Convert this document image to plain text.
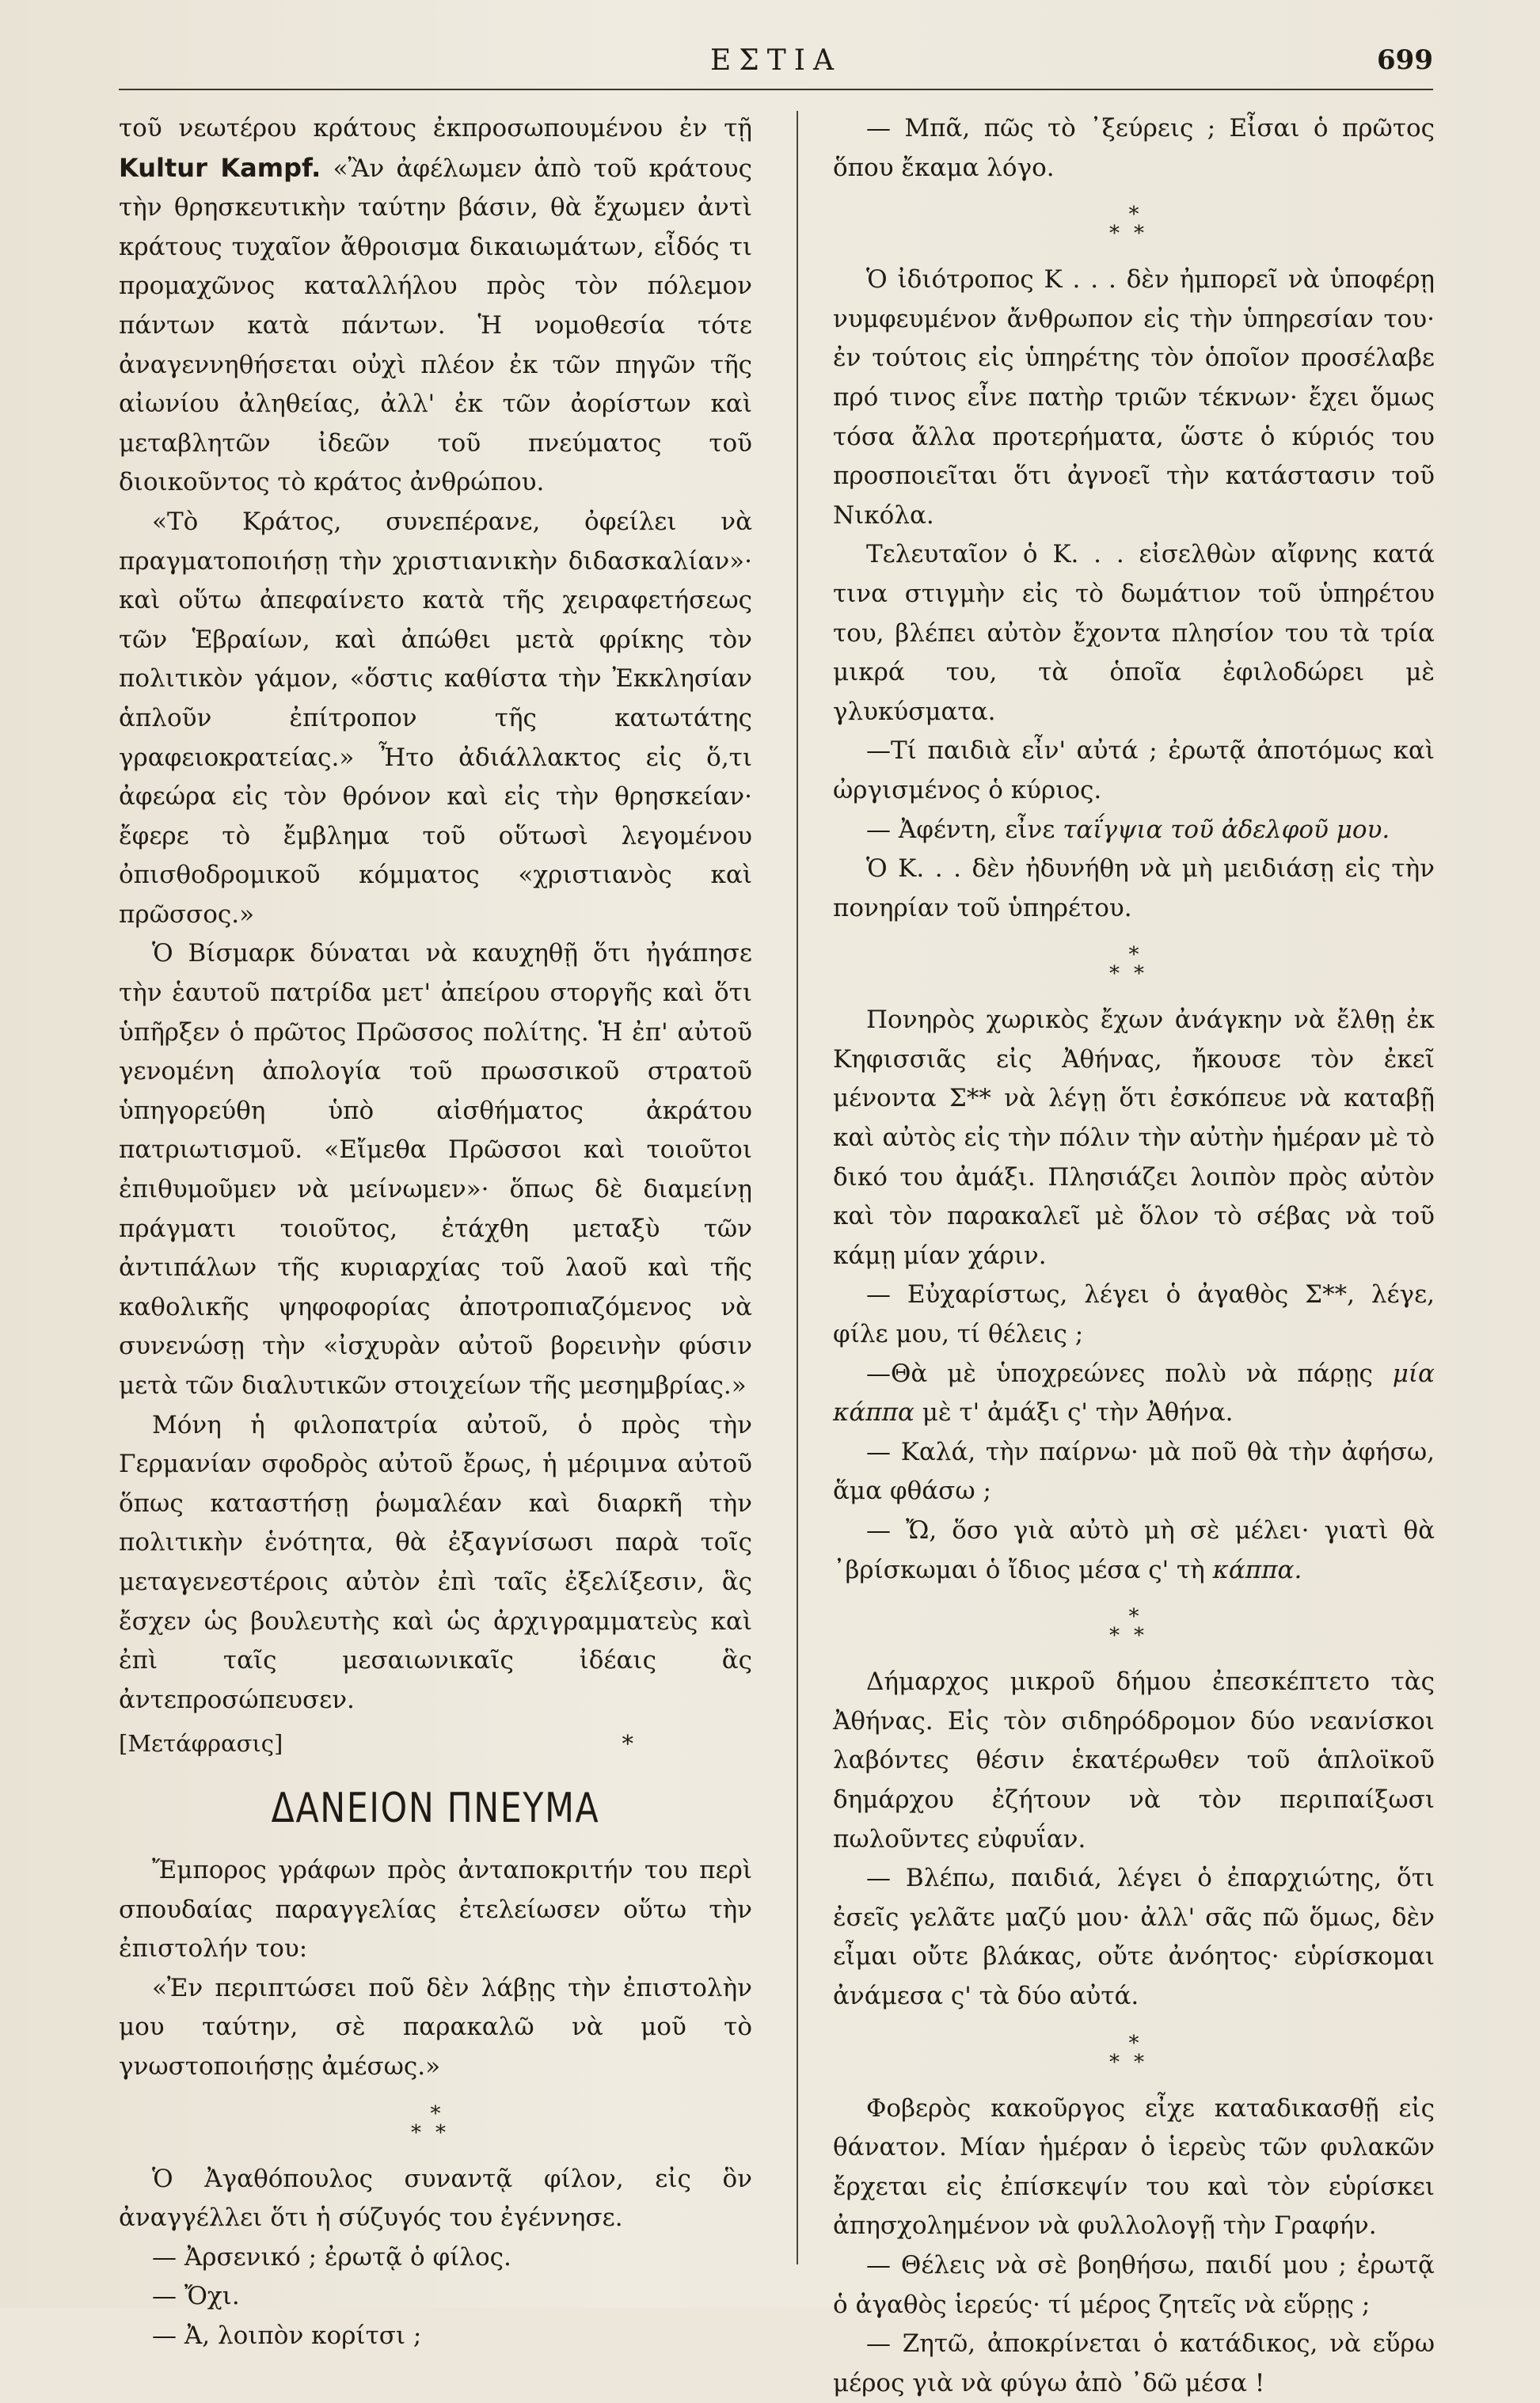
ΕΣΤΙΑ	699

τοῦ νεωτέρου κράτους ἐκπροσωπουμένου ἐν τῇ Kultur Kampf. «Ἂν ἀφέλωμεν ἀπὸ τοῦ κράτους τὴν θρησκευτικὴν ταύτην βάσιν, θὰ ἔχωμεν ἀντὶ κράτους τυχαῖον ἄθροισμα δικαιωμάτων, εἶδός τι προμαχῶνος καταλλήλου πρὸς τὸν πόλεμον πάντων κατὰ πάντων. Ἡ νομοθεσία τότε ἀναγεννηθήσεται οὐχὶ πλέον ἐκ τῶν πηγῶν τῆς αἰωνίου ἀληθείας, ἀλλ' ἐκ τῶν ἀορίστων καὶ μεταβλητῶν ἰδεῶν τοῦ πνεύματος τοῦ διοικοῦντος τὸ κράτος ἀνθρώπου.

«Τὸ Κράτος, συνεπέρανε, ὀφείλει νὰ πραγματοποιήσῃ τὴν χριστιανικὴν διδασκαλίαν»· καὶ οὕτω ἀπεφαίνετο κατὰ τῆς χειραφετήσεως τῶν Ἑβραίων, καὶ ἀπώθει μετὰ φρίκης τὸν πολιτικὸν γάμον, «ὅστις καθίστα τὴν Ἐκκλησίαν ἁπλοῦν ἐπίτροπον τῆς κατωτάτης γραφειοκρατείας.» Ἦτο ἀδιάλλακτος εἰς ὅ,τι ἀφεώρα εἰς τὸν θρόνον καὶ εἰς τὴν θρησκείαν· ἔφερε τὸ ἔμβλημα τοῦ οὕτωσὶ λεγομένου ὀπισθοδρομικοῦ κόμματος «χριστιανὸς καὶ πρῶσσος.»

Ὁ Βίσμαρκ δύναται νὰ καυχηθῇ ὅτι ἠγάπησε τὴν ἑαυτοῦ πατρίδα μετ' ἀπείρου στοργῆς καὶ ὅτι ὑπῆρξεν ὁ πρῶτος Πρῶσσος πολίτης. Ἡ ἐπ' αὐτοῦ γενομένη ἀπολογία τοῦ πρωσσικοῦ στρατοῦ ὑπηγορεύθη ὑπὸ αἰσθήματος ἀκράτου πατριωτισμοῦ. «Εἴμεθα Πρῶσσοι καὶ τοιοῦτοι ἐπιθυμοῦμεν νὰ μείνωμεν»· ὅπως δὲ διαμείνῃ πράγματι τοιοῦτος, ἐτάχθη μεταξὺ τῶν ἀντιπάλων τῆς κυριαρχίας τοῦ λαοῦ καὶ τῆς καθολικῆς ψηφοφορίας ἀποτροπιαζόμενος νὰ συνενώσῃ τὴν «ἰσχυρὰν αὐτοῦ βορεινὴν φύσιν μετὰ τῶν διαλυτικῶν στοιχείων τῆς μεσημβρίας.»

Μόνη ἡ φιλοπατρία αὐτοῦ, ὁ πρὸς τὴν Γερμανίαν σφοδρὸς αὐτοῦ ἔρως, ἡ μέριμνα αὐτοῦ ὅπως καταστήσῃ ῥωμαλέαν καὶ διαρκῆ τὴν πολιτικὴν ἑνότητα, θὰ ἐξαγνίσωσι παρὰ τοῖς μεταγενεστέροις αὐτὸν ἐπὶ ταῖς ἐξελίξεσιν, ἃς ἔσχεν ὡς βουλευτὴς καὶ ὡς ἀρχιγραμματεὺς καὶ ἐπὶ ταῖς μεσαιωνικαῖς ἰδέαις ἃς ἀντεπροσώπευσεν.

[Μετάφρασις]	*
ΔΑΝΕΙΟΝ ΠΝΕΥΜΑ

Ἔμπορος γράφων πρὸς ἀνταποκριτήν του περὶ σπουδαίας παραγγελίας ἐτελείωσεν οὕτω τὴν ἐπιστολήν του:

«Ἐν περιπτώσει ποῦ δὲν λάβῃς τὴν ἐπιστολὴν μου ταύτην, σὲ παρακαλῶ νὰ μοῦ τὸ γνωστοποιήσῃς ἀμέσως.»

*
**

Ὁ Ἀγαθόπουλος συναντᾷ φίλον, εἰς ὃν ἀναγγέλλει ὅτι ἡ σύζυγός του ἐγέννησε.

— Ἀρσενικό ; ἐρωτᾷ ὁ φίλος.

— Ὄχι.

— Ἀ, λοιπὸν κορίτσι ;

— Μπᾶ, πῶς τὸ ᾽ξεύρεις ; Εἶσαι ὁ πρῶτος ὅπου ἔκαμα λόγο.

*
**

Ὁ ἰδιότροπος Κ . . . δὲν ἠμπορεῖ νὰ ὑποφέρῃ νυμφευμένον ἄνθρωπον εἰς τὴν ὑπηρεσίαν του· ἐν τούτοις εἰς ὑπηρέτης τὸν ὁποῖον προσέλαβε πρό τινος εἶνε πατὴρ τριῶν τέκνων· ἔχει ὅμως τόσα ἄλλα προτερήματα, ὥστε ὁ κύριός του προσποιεῖται ὅτι ἀγνοεῖ τὴν κατάστασιν τοῦ Νικόλα.

Τελευταῖον ὁ Κ. . . εἰσελθὼν αἴφνης κατά τινα στιγμὴν εἰς τὸ δωμάτιον τοῦ ὑπηρέτου του, βλέπει αὐτὸν ἔχοντα πλησίον του τὰ τρία μικρά του, τὰ ὁποῖα ἐφιλοδώρει μὲ γλυκύσματα.

—Τί παιδιὰ εἶν' αὐτά ; ἐρωτᾷ ἀποτόμως καὶ ὠργισμένος ὁ κύριος.

— Ἀφέντη, εἶνε ταΐγψια τοῦ ἀδελφοῦ μου.

Ὁ Κ. . . δὲν ἠδυνήθη νὰ μὴ μειδιάσῃ εἰς τὴν πονηρίαν τοῦ ὑπηρέτου.

*
**

Πονηρὸς χωρικὸς ἔχων ἀνάγκην νὰ ἔλθῃ ἐκ Κηφισσιᾶς εἰς Ἀθήνας, ἤκουσε τὸν ἐκεῖ μένοντα Σ** νὰ λέγῃ ὅτι ἐσκόπευε νὰ καταβῇ καὶ αὐτὸς εἰς τὴν πόλιν τὴν αὐτὴν ἡμέραν μὲ τὸ δικό του ἀμάξι. Πλησιάζει λοιπὸν πρὸς αὐτὸν καὶ τὸν παρακαλεῖ μὲ ὅλον τὸ σέβας νὰ τοῦ κάμῃ μίαν χάριν.

— Εὐχαρίστως, λέγει ὁ ἀγαθὸς Σ**, λέγε, φίλε μου, τί θέλεις ;

—Θὰ μὲ ὑποχρεώνες πολὺ νὰ πάρῃς μία κάππα μὲ τ' ἀμάξι ς' τὴν Ἀθήνα.

— Καλά, τὴν παίρνω· μὰ ποῦ θὰ τὴν ἀφήσω, ἅμα φθάσω ;

— Ὤ, ὅσο γιὰ αὐτὸ μὴ σὲ μέλει· γιατὶ θὰ ᾽βρίσκωμαι ὁ ἴδιος μέσα ς' τὴ κάππα.

*
**

Δήμαρχος μικροῦ δήμου ἐπεσκέπτετο τὰς Ἀθήνας. Εἰς τὸν σιδηρόδρομον δύο νεανίσκοι λαβόντες θέσιν ἑκατέρωθεν τοῦ ἁπλοϊκοῦ δημάρχου ἐζήτουν νὰ τὸν περιπαίξωσι πωλοῦντες εὐφυΐαν.

— Βλέπω, παιδιά, λέγει ὁ ἐπαρχιώτης, ὅτι ἐσεῖς γελᾶτε μαζύ μου· ἀλλ' σᾶς πῶ ὅμως, δὲν εἶμαι οὔτε βλάκας, οὔτε ἀνόητος· εὑρίσκομαι ἀνάμεσα ς' τὰ δύο αὐτά.

*
**

Φοβερὸς κακοῦργος εἶχε καταδικασθῇ εἰς θάνατον. Μίαν ἡμέραν ὁ ἱερεὺς τῶν φυλακῶν ἔρχεται εἰς ἐπίσκεψίν του καὶ τὸν εὑρίσκει ἀπησχολημένον νὰ φυλλολογῇ τὴν Γραφήν.

— Θέλεις νὰ σὲ βοηθήσω, παιδί μου ; ἐρωτᾷ ὁ ἀγαθὸς ἱερεύς· τί μέρος ζητεῖς νὰ εὕρῃς ;

— Ζητῶ, ἀποκρίνεται ὁ κατάδικος, νὰ εὕρω μέρος γιὰ νὰ φύγω ἀπὸ ᾽δῶ μέσα !
